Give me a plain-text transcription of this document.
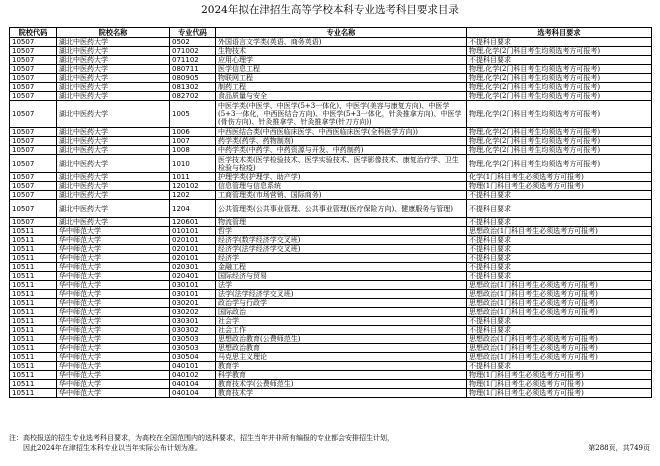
2024年拟在津招生高等学校本科专业选考科目要求目录
院校代码	院校名称	专业代码	专业名称	选考科目要求
10507	湖北中医药大学	0502	外国语言文学类(英语、商务英语)	不提科目要求
10507	湖北中医药大学	071002	生物技术	物理,化学(2门科目考生均须选考方可报考)
10507	湖北中医药大学	071102	应用心理学	不提科目要求
10507	湖北中医药大学	080711	医学信息工程	物理,化学(2门科目考生均须选考方可报考)
10507	湖北中医药大学	080905	物联网工程	物理,化学(2门科目考生均须选考方可报考)
10507	湖北中医药大学	081302	制药工程	物理,化学(2门科目考生均须选考方可报考)
10507	湖北中医药大学	082702	食品质量与安全	物理,化学(2门科目考生均须选考方可报考)
10507	湖北中医药大学	1005	中医学类(中医学、中医学(5+3一体化)、中医学(美容与康复方向)、中医学(5+3一体化，中西医结合方向)、中医学(5+3一体化，针灸推拿方向)、中医学(骨伤方向)、针灸推拿学、针灸推拿学(针刀方向))	物理,化学(2门科目考生均须选考方可报考)
10507	湖北中医药大学	1006	中西医结合类(中西医临床医学、中西医临床医学(全科医学方向))	物理,化学(2门科目考生均须选考方可报考)
10507	湖北中医药大学	1007	药学类(药学、药物制剂)	物理,化学(2门科目考生均须选考方可报考)
10507	湖北中医药大学	1008	中药学类(中药学、中药资源与开发、中药制药)	物理,化学(2门科目考生均须选考方可报考)
10507	湖北中医药大学	1010	医学技术类(医学检验技术、医学实验技术、医学影像技术、康复治疗学、卫生检验与检疫)	物理,化学(2门科目考生均须选考方可报考)
10507	湖北中医药大学	1011	护理学类(护理学、助产学)	化学(1门科目考生必须选考方可报考)
10507	湖北中医药大学	120102	信息管理与信息系统	物理(1门科目考生必须选考方可报考)
10507	湖北中医药大学	1202	工商管理类(市场营销、国际商务)	不提科目要求
10507	湖北中医药大学	1204	公共管理类(公共事业管理、公共事业管理(医疗保险方向)、健康服务与管理)	不提科目要求
10507	湖北中医药大学	120601	物流管理	不提科目要求
10511	华中师范大学	010101	哲学	思想政治(1门科目考生必须选考方可报考)
10511	华中师范大学	020101	经济学(数学经济学交叉班)	不提科目要求
10511	华中师范大学	020101	经济学(法学经济学交叉班)	不提科目要求
10511	华中师范大学	020101	经济学	不提科目要求
10511	华中师范大学	020301	金融工程	不提科目要求
10511	华中师范大学	020401	国际经济与贸易	不提科目要求
10511	华中师范大学	030101	法学	思想政治(1门科目考生必须选考方可报考)
10511	华中师范大学	030101	法学(法学经济学交叉班)	思想政治(1门科目考生必须选考方可报考)
10511	华中师范大学	030201	政治学与行政学	思想政治(1门科目考生必须选考方可报考)
10511	华中师范大学	030202	国际政治	思想政治(1门科目考生必须选考方可报考)
10511	华中师范大学	030301	社会学	不提科目要求
10511	华中师范大学	030302	社会工作	不提科目要求
10511	华中师范大学	030503	思想政治教育(公费师范生)	思想政治(1门科目考生必须选考方可报考)
10511	华中师范大学	030503	思想政治教育	思想政治(1门科目考生必须选考方可报考)
10511	华中师范大学	030504	马克思主义理论	思想政治(1门科目考生必须选考方可报考)
10511	华中师范大学	040101	教育学	不提科目要求
10511	华中师范大学	040102	科学教育	物理(1门科目考生必须选考方可报考)
10511	华中师范大学	040104	教育技术学(公费师范生)	物理(1门科目考生必须选考方可报考)
10511	华中师范大学	040104	教育技术学	物理(1门科目考生必须选考方可报考)
注：高校报送的招生专业选考科目要求，为高校在全国范围内的选科要求，招生当年并非所有编报的专业都会安排招生计划，
因此2024年在津招生本科专业以当年实际公布计划为准。	第288页，共749页
